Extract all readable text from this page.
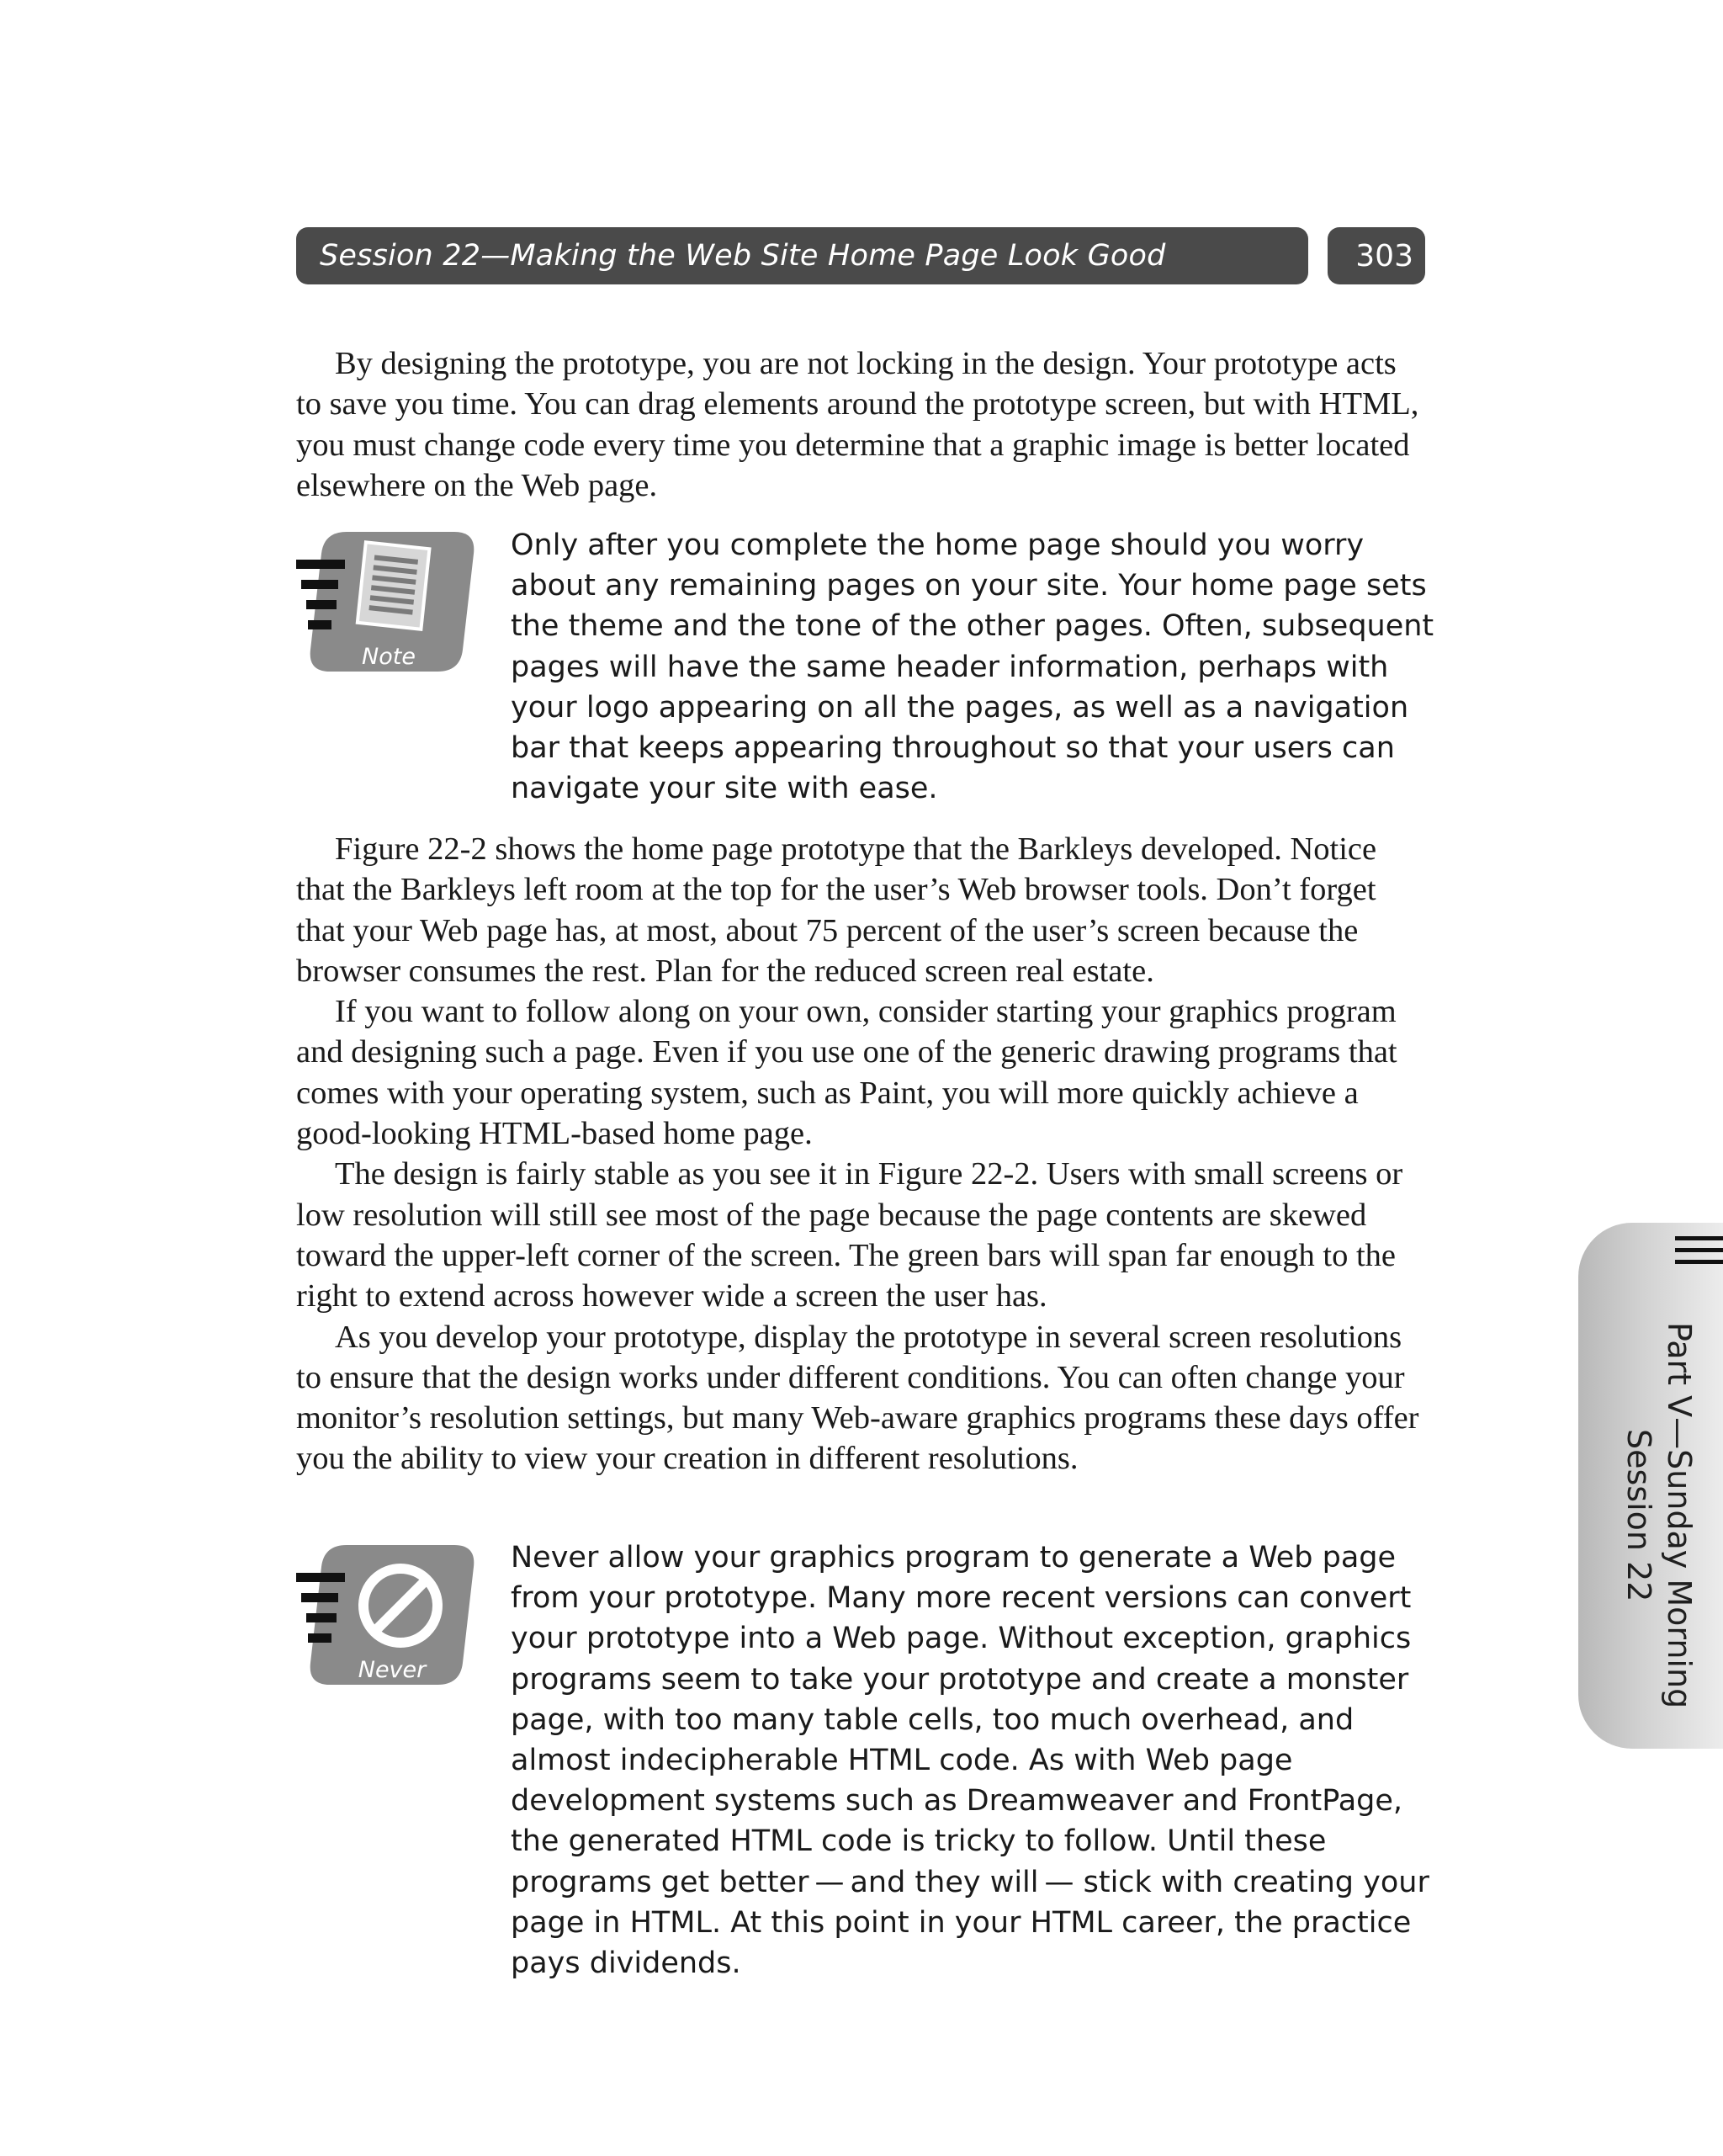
Session 22—Making the Web Site Home Page Look Good	303

By designing the prototype, you are not locking in the design. Your prototype acts to save you time. You can drag elements around the prototype screen, but with HTML, you must change code every time you determine that a graphic image is better located elsewhere on the Web page.

Note

Only after you complete the home page should you worry about any remaining pages on your site. Your home page sets the theme and the tone of the other pages. Often, subsequent pages will have the same header information, perhaps with your logo appearing on all the pages, as well as a navigation bar that keeps appearing throughout so that your users can navigate your site with ease.

Figure 22-2 shows the home page prototype that the Barkleys developed. Notice that the Barkleys left room at the top for the user’s Web browser tools. Don’t forget that your Web page has, at most, about 75 percent of the user’s screen because the browser consumes the rest. Plan for the reduced screen real estate.

If you want to follow along on your own, consider starting your graphics program and designing such a page. Even if you use one of the generic drawing programs that comes with your operating system, such as Paint, you will more quickly achieve a good-looking HTML-based home page.

The design is fairly stable as you see it in Figure 22-2. Users with small screens or low resolution will still see most of the page because the page contents are skewed toward the upper-left corner of the screen. The green bars will span far enough to the right to extend across however wide a screen the user has.

As you develop your prototype, display the prototype in several screen resolutions to ensure that the design works under different conditions. You can often change your monitor’s resolution settings, but many Web-aware graphics programs these days offer you the ability to view your creation in different resolutions.

Never

Never allow your graphics program to generate a Web page from your prototype. Many more recent versions can convert your prototype into a Web page. Without exception, graphics programs seem to take your prototype and create a monster page, with too many table cells, too much overhead, and almost indecipherable HTML code. As with Web page development systems such as Dreamweaver and FrontPage, the generated HTML code is tricky to follow. Until these programs get better — and they will — stick with creating your page in HTML. At this point in your HTML career, the practice pays dividends.

Part V—Sunday Morning
Session 22
